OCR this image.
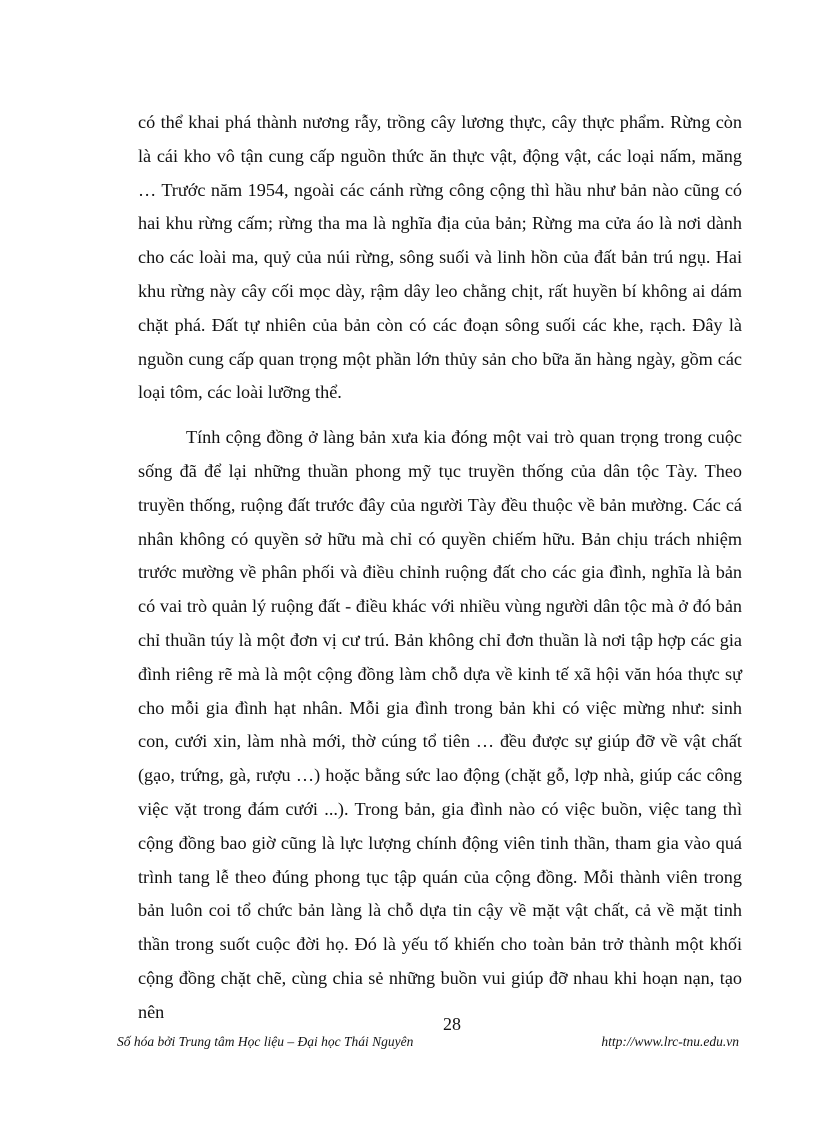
có thể khai phá thành nương rẫy, trồng cây lương thực, cây thực phẩm. Rừng còn là cái kho vô tận cung cấp nguồn thức ăn thực vật, động vật, các loại nấm, măng … Trước năm 1954, ngoài các cánh rừng công cộng thì hầu như bản nào cũng có hai khu rừng cấm; rừng tha ma là nghĩa địa của bản; Rừng ma cửa áo là nơi dành cho các loài ma, quỷ của núi rừng, sông suối và linh hồn của đất bản trú ngụ. Hai khu rừng này cây cối mọc dày, rậm dây leo chằng chịt, rất huyền bí không ai dám chặt phá. Đất tự nhiên của bản còn có các đoạn sông suối các khe, rạch. Đây là nguồn cung cấp quan trọng một phần lớn thủy sản cho bữa ăn hàng ngày, gồm các loại tôm, các loài lưỡng thể.

Tính cộng đồng ở làng bản xưa kia đóng một vai trò quan trọng trong cuộc sống đã để lại những thuần phong mỹ tục truyền thống của dân tộc Tày. Theo truyền thống, ruộng đất trước đây của người Tày đều thuộc về bản mường. Các cá nhân không có quyền sở hữu mà chỉ có quyền chiếm hữu. Bản chịu trách nhiệm trước mường về phân phối và điều chỉnh ruộng đất cho các gia đình, nghĩa là bản có vai trò quản lý ruộng đất - điều khác với nhiều vùng người dân tộc mà ở đó bản chỉ thuần túy là một đơn vị cư trú. Bản không chỉ đơn thuần là nơi tập hợp các gia đình riêng rẽ mà là một cộng đồng làm chỗ dựa về kinh tế xã hội văn hóa thực sự cho mỗi gia đình hạt nhân. Mỗi gia đình trong bản khi có việc mừng như: sinh con, cưới xin, làm nhà mới, thờ cúng tổ tiên … đều được sự giúp đỡ về vật chất (gạo, trứng, gà, rượu …) hoặc bằng sức lao động (chặt gỗ, lợp nhà, giúp các công việc vặt trong đám cưới ...). Trong bản, gia đình nào có việc buồn, việc tang thì cộng đồng bao giờ cũng là lực lượng chính động viên tinh thần, tham gia vào quá trình tang lễ theo đúng phong tục tập quán của cộng đồng. Mỗi thành viên trong bản luôn coi tổ chức bản làng là chỗ dựa tin cậy về mặt vật chất, cả về mặt tinh thần trong suốt cuộc đời họ. Đó là yếu tố khiến cho toàn bản trở thành một khối cộng đồng chặt chẽ, cùng chia sẻ những buồn vui giúp đỡ nhau khi hoạn nạn, tạo nên

28
Số hóa bởi Trung tâm Học liệu – Đại học Thái Nguyên	http://www.lrc-tnu.edu.vn
